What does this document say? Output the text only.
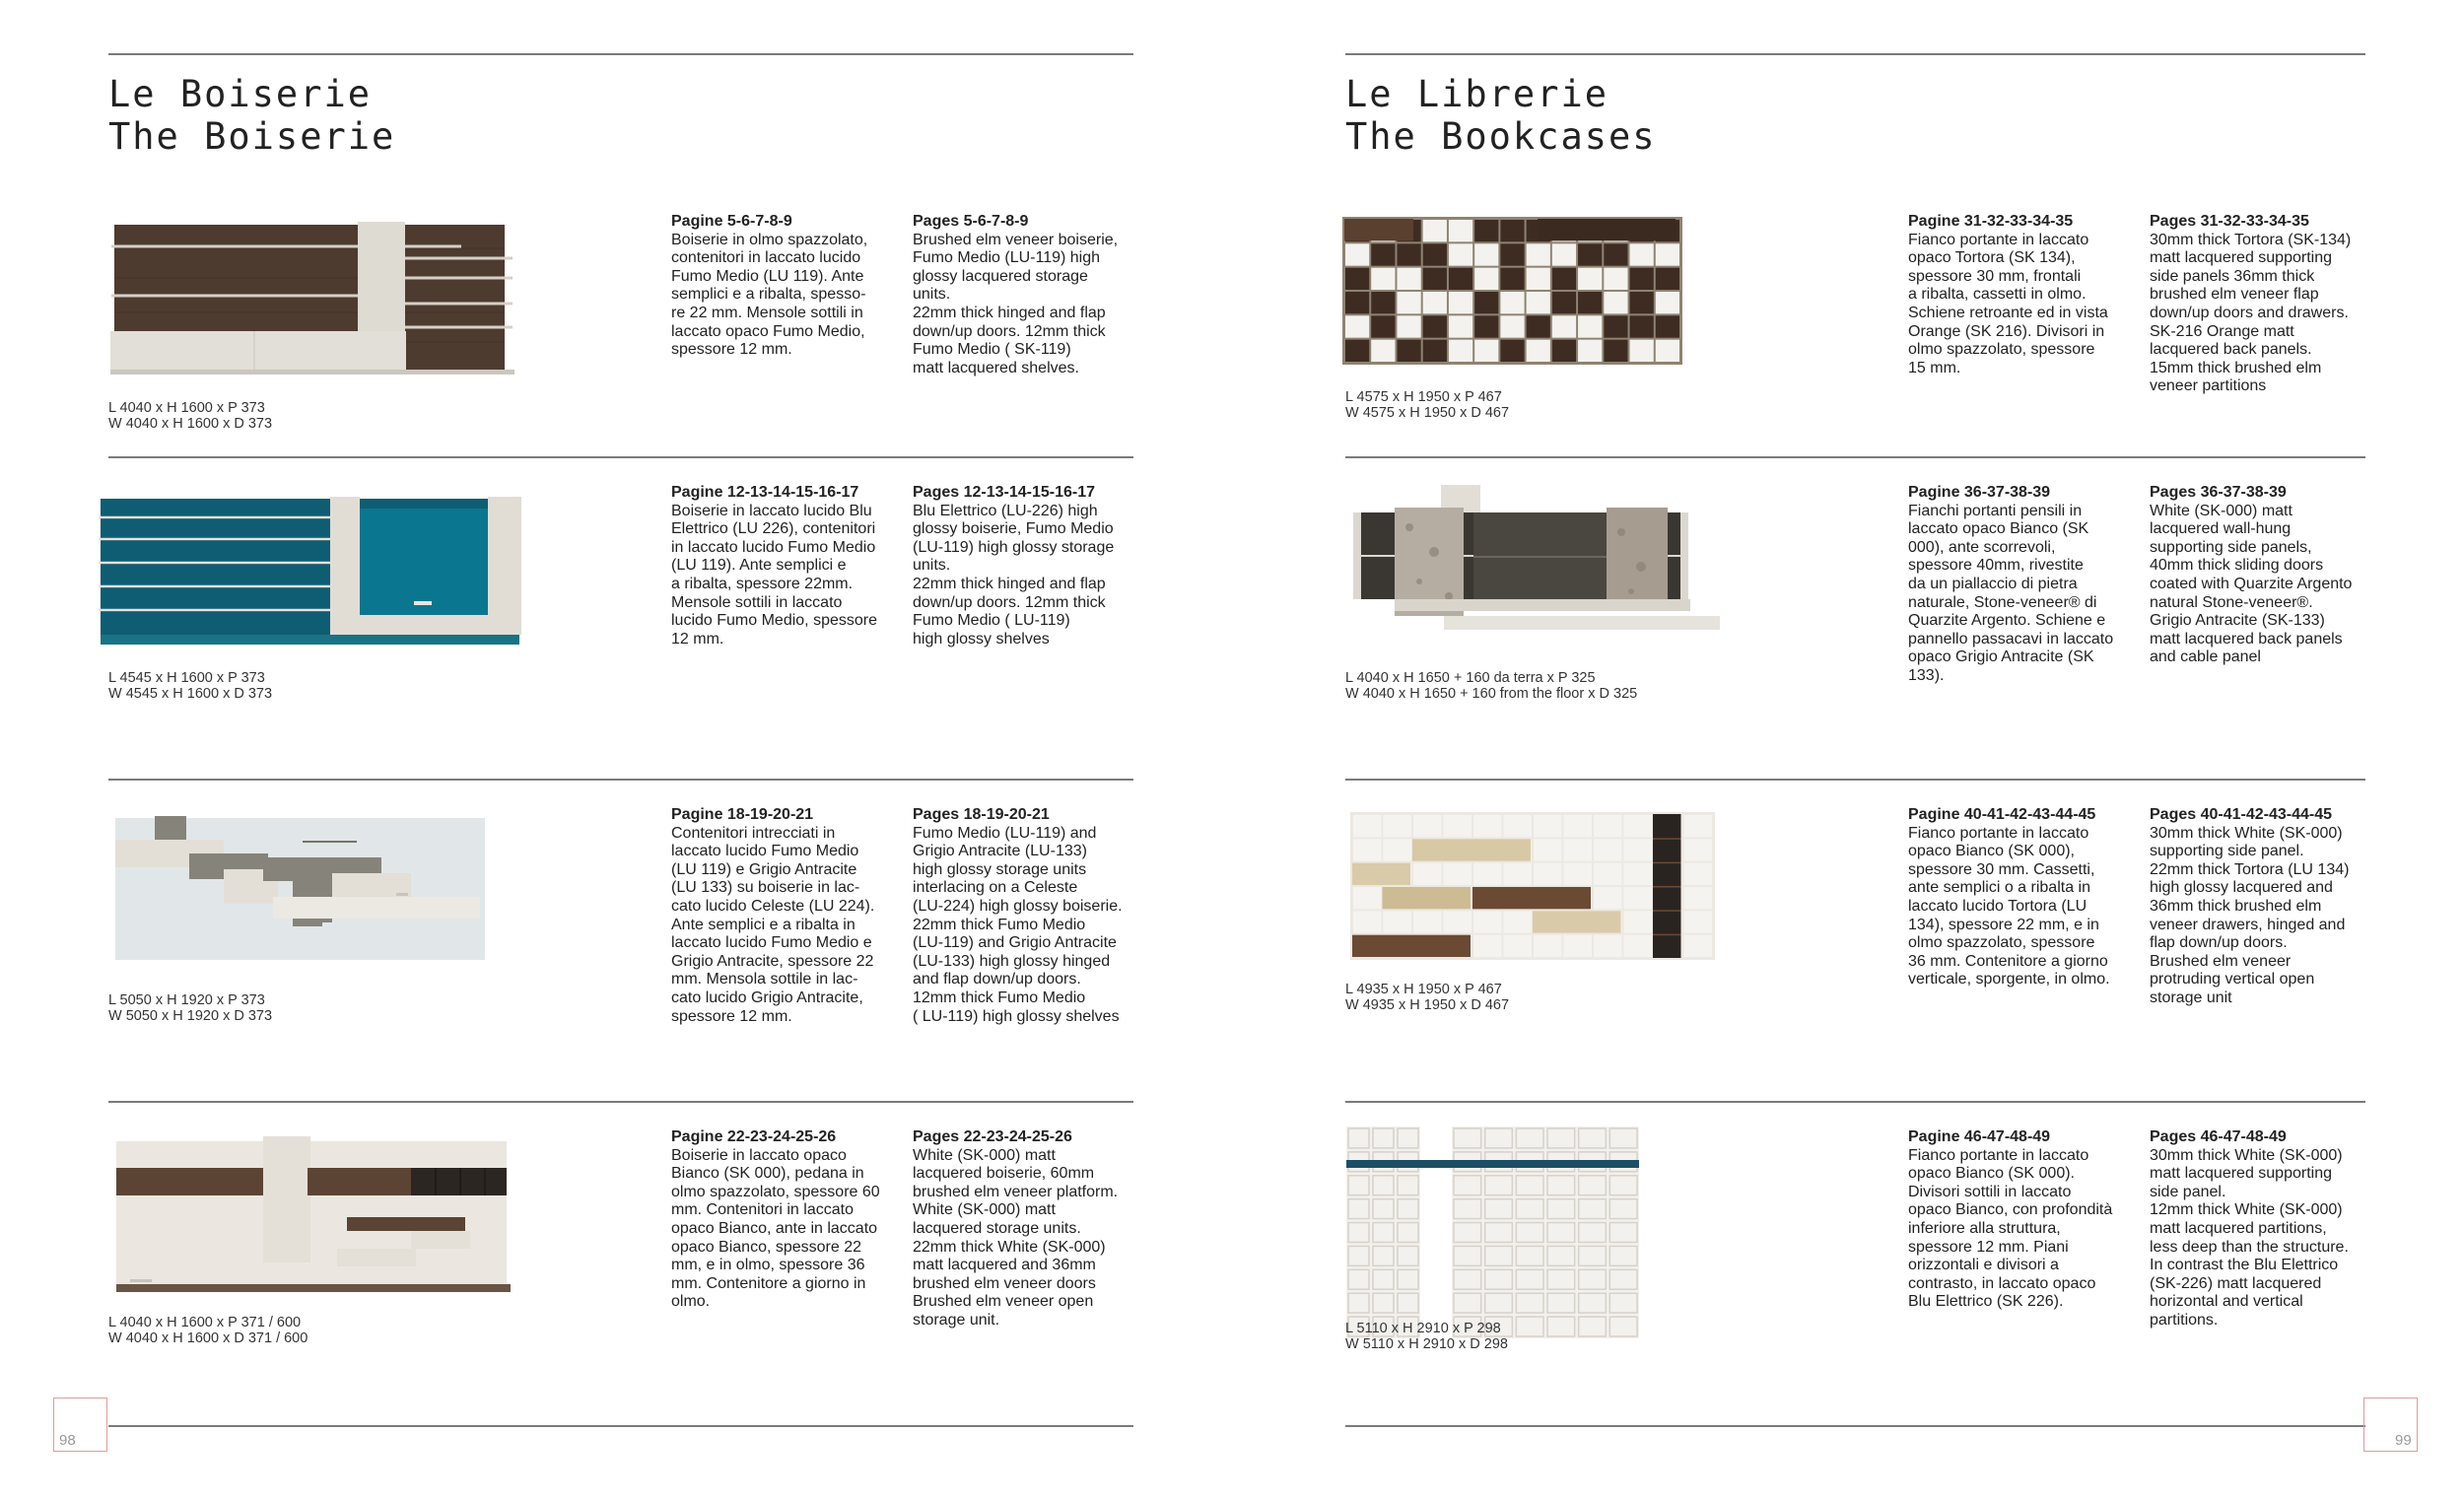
Le Boiserie
The Boiserie
Le Librerie
The Bookcases
98	99
L 4040 x H 1600 x P 373
W 4040 x H 1600 x D 373
Pagine 5-6-7-8-9
Boiserie in olmo spazzolato,
contenitori in laccato lucido
Fumo Medio (LU 119). Ante
semplici e a ribalta, spesso-
re 22 mm. Mensole sottili in
laccato opaco Fumo Medio,
spessore 12 mm.
Pages 5-6-7-8-9
Brushed elm veneer boiserie,
Fumo Medio (LU-119) high
glossy lacquered storage
units.
22mm thick hinged and flap
down/up doors. 12mm thick
Fumo Medio ( SK-119)
matt lacquered shelves.
L 4545 x H 1600 x P 373
W 4545 x H 1600 x D 373
Pagine 12-13-14-15-16-17
Boiserie in laccato lucido Blu
Elettrico (LU 226), contenitori
in laccato lucido Fumo Medio
(LU 119). Ante semplici e
a ribalta, spessore 22mm.
Mensole sottili in laccato
lucido Fumo Medio, spessore
12 mm.
Pages 12-13-14-15-16-17
Blu Elettrico (LU-226) high
glossy boiserie, Fumo Medio
(LU-119) high glossy storage
units.
22mm thick hinged and flap
down/up doors. 12mm thick
Fumo Medio ( LU-119)
high glossy shelves
L 5050 x H 1920 x P 373
W 5050 x H 1920 x D 373
Pagine 18-19-20-21
Contenitori intrecciati in
laccato lucido Fumo Medio
(LU 119) e Grigio Antracite
(LU 133) su boiserie in lac-
cato lucido Celeste (LU 224).
Ante semplici e a ribalta in
laccato lucido Fumo Medio e
Grigio Antracite, spessore 22
mm. Mensola sottile in lac-
cato lucido Grigio Antracite,
spessore 12 mm.
Pages 18-19-20-21
Fumo Medio (LU-119) and
Grigio Antracite (LU-133)
high glossy storage units
interlacing on a Celeste
(LU-224) high glossy boiserie.
22mm thick Fumo Medio
(LU-119) and Grigio Antracite
(LU-133) high glossy hinged
and flap down/up doors.
12mm thick Fumo Medio
( LU-119) high glossy shelves
L 4040 x H 1600 x P 371 / 600
W 4040 x H 1600 x D 371 / 600
Pagine 22-23-24-25-26
Boiserie in laccato opaco
Bianco (SK 000), pedana in
olmo spazzolato, spessore 60
mm. Contenitori in laccato
opaco Bianco, ante in laccato
opaco Bianco, spessore 22
mm, e in olmo, spessore 36
mm. Contenitore a giorno in
olmo.
Pages 22-23-24-25-26
White (SK-000) matt
lacquered boiserie, 60mm
brushed elm veneer platform.
White (SK-000) matt
lacquered storage units.
22mm thick White (SK-000)
matt lacquered and 36mm
brushed elm veneer doors
Brushed elm veneer open
storage unit.
L 4575 x H 1950 x P 467
W 4575 x H 1950 x D 467
Pagine 31-32-33-34-35
Fianco portante in laccato
opaco Tortora (SK 134),
spessore 30 mm, frontali
a ribalta, cassetti in olmo.
Schiene retroante ed in vista
Orange (SK 216). Divisori in
olmo spazzolato, spessore
15 mm.
Pages 31-32-33-34-35
30mm thick Tortora (SK-134)
matt lacquered supporting
side panels 36mm thick
brushed elm veneer flap
down/up doors and drawers.
SK-216 Orange matt
lacquered back panels.
15mm thick brushed elm
veneer partitions
L 4040 x H 1650 + 160 da terra x P 325
W 4040 x H 1650 + 160 from the floor x D 325
Pagine 36-37-38-39
Fianchi portanti pensili in
laccato opaco Bianco (SK
000), ante scorrevoli,
spessore 40mm, rivestite
da un piallaccio di pietra
naturale, Stone-veneer® di
Quarzite Argento. Schiene e
pannello passacavi in laccato
opaco Grigio Antracite (SK
133).
Pages 36-37-38-39
White (SK-000) matt
lacquered wall-hung
supporting side panels,
40mm thick sliding doors
coated with Quarzite Argento
natural Stone-veneer®.
Grigio Antracite (SK-133)
matt lacquered back panels
and cable panel
L 4935 x H 1950 x P 467
W 4935 x H 1950 x D 467
Pagine 40-41-42-43-44-45
Fianco portante in laccato
opaco Bianco (SK 000),
spessore 30 mm. Cassetti,
ante semplici o a ribalta in
laccato lucido Tortora (LU
134), spessore 22 mm, e in
olmo spazzolato, spessore
36 mm. Contenitore a giorno
verticale, sporgente, in olmo.
Pages 40-41-42-43-44-45
30mm thick White (SK-000)
supporting side panel.
22mm thick Tortora (LU 134)
high glossy lacquered and
36mm thick brushed elm
veneer drawers, hinged and
flap down/up doors.
Brushed elm veneer
protruding vertical open
storage unit
L 5110 x H 2910 x P 298
W 5110 x H 2910 x D 298
Pagine 46-47-48-49
Fianco portante in laccato
opaco Bianco (SK 000).
Divisori sottili in laccato
opaco Bianco, con profondità
inferiore alla struttura,
spessore 12 mm. Piani
orizzontali e divisori a
contrasto, in laccato opaco
Blu Elettrico (SK 226).
Pages 46-47-48-49
30mm thick White (SK-000)
matt lacquered supporting
side panel.
12mm thick White (SK-000)
matt lacquered partitions,
less deep than the structure.
In contrast the Blu Elettrico
(SK-226) matt lacquered
horizontal and vertical
partitions.
